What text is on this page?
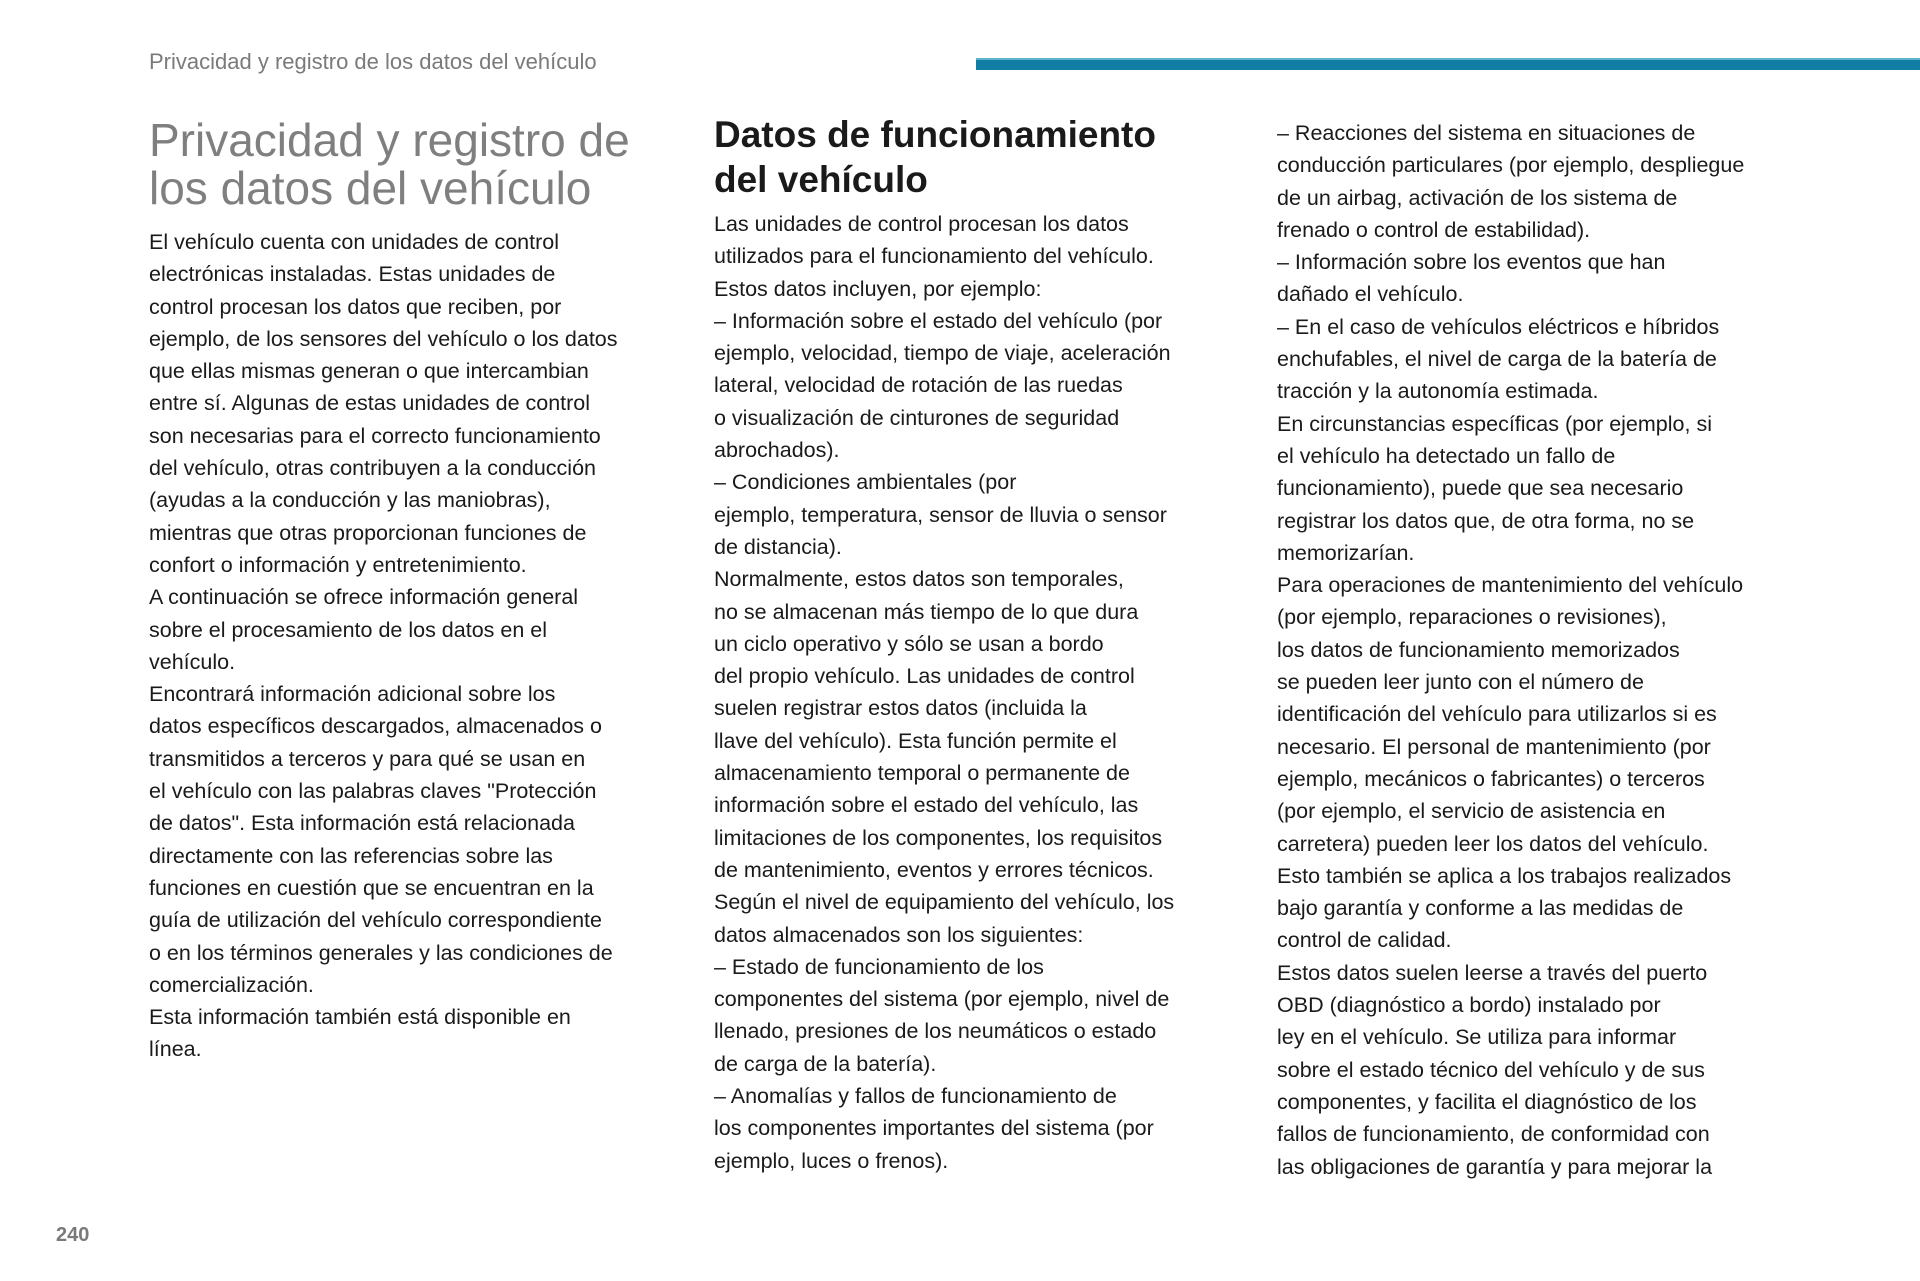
Privacidad y registro de los datos del vehículo
Privacidad y registro de
los datos del vehículo
El vehículo cuenta con unidades de control
electrónicas instaladas. Estas unidades de
control procesan los datos que reciben, por
ejemplo, de los sensores del vehículo o los datos
que ellas mismas generan o que intercambian
entre sí. Algunas de estas unidades de control
son necesarias para el correcto funcionamiento
del vehículo, otras contribuyen a la conducción
(ayudas a la conducción y las maniobras),
mientras que otras proporcionan funciones de
confort o información y entretenimiento.
A continuación se ofrece información general
sobre el procesamiento de los datos en el
vehículo.
Encontrará información adicional sobre los
datos específicos descargados, almacenados o
transmitidos a terceros y para qué se usan en
el vehículo con las palabras claves "Protección
de datos". Esta información está relacionada
directamente con las referencias sobre las
funciones en cuestión que se encuentran en la
guía de utilización del vehículo correspondiente
o en los términos generales y las condiciones de
comercialización.
Esta información también está disponible en
línea.
Datos de funcionamiento
del vehículo
Las unidades de control procesan los datos
utilizados para el funcionamiento del vehículo.
Estos datos incluyen, por ejemplo:
– Información sobre el estado del vehículo (por
ejemplo, velocidad, tiempo de viaje, aceleración
lateral, velocidad de rotación de las ruedas
o visualización de cinturones de seguridad
abrochados).
– Condiciones ambientales (por
ejemplo, temperatura, sensor de lluvia o sensor
de distancia).
Normalmente, estos datos son temporales,
no se almacenan más tiempo de lo que dura
un ciclo operativo y sólo se usan a bordo
del propio vehículo. Las unidades de control
suelen registrar estos datos (incluida la
llave del vehículo). Esta función permite el
almacenamiento temporal o permanente de
información sobre el estado del vehículo, las
limitaciones de los componentes, los requisitos
de mantenimiento, eventos y errores técnicos.
Según el nivel de equipamiento del vehículo, los
datos almacenados son los siguientes:
– Estado de funcionamiento de los
componentes del sistema (por ejemplo, nivel de
llenado, presiones de los neumáticos o estado
de carga de la batería).
– Anomalías y fallos de funcionamiento de
los componentes importantes del sistema (por
ejemplo, luces o frenos).
– Reacciones del sistema en situaciones de
conducción particulares (por ejemplo, despliegue
de un airbag, activación de los sistema de
frenado o control de estabilidad).
– Información sobre los eventos que han
dañado el vehículo.
– En el caso de vehículos eléctricos e híbridos
enchufables, el nivel de carga de la batería de
tracción y la autonomía estimada.
En circunstancias específicas (por ejemplo, si
el vehículo ha detectado un fallo de
funcionamiento), puede que sea necesario
registrar los datos que, de otra forma, no se
memorizarían.
Para operaciones de mantenimiento del vehículo
(por ejemplo, reparaciones o revisiones),
los datos de funcionamiento memorizados
se pueden leer junto con el número de
identificación del vehículo para utilizarlos si es
necesario. El personal de mantenimiento (por
ejemplo, mecánicos o fabricantes) o terceros
(por ejemplo, el servicio de asistencia en
carretera) pueden leer los datos del vehículo.
Esto también se aplica a los trabajos realizados
bajo garantía y conforme a las medidas de
control de calidad.
Estos datos suelen leerse a través del puerto
OBD (diagnóstico a bordo) instalado por
ley en el vehículo. Se utiliza para informar
sobre el estado técnico del vehículo y de sus
componentes, y facilita el diagnóstico de los
fallos de funcionamiento, de conformidad con
las obligaciones de garantía y para mejorar la
240
